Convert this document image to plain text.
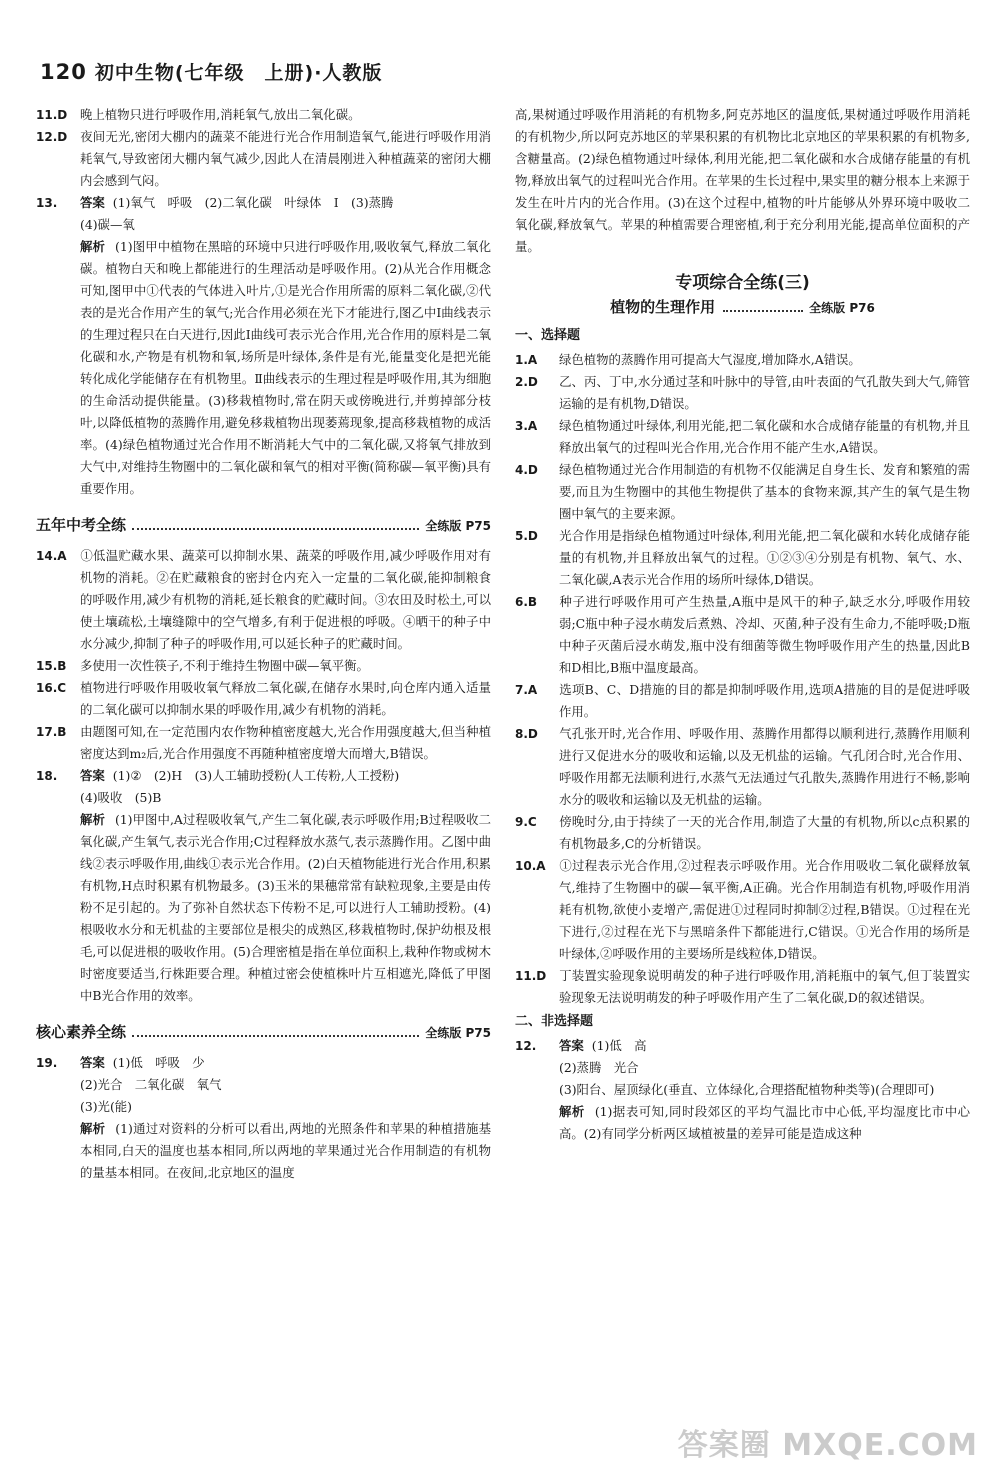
120 初中生物(七年级　上册)·人教版

11.D 晚上植物只进行呼吸作用,消耗氧气,放出二氧化碳。

12.D 夜间无光,密闭大棚内的蔬菜不能进行光合作用制造氧气,能进行呼吸作用消耗氧气,导致密闭大棚内氧气减少,因此人在清晨刚进入种植蔬菜的密闭大棚内会感到气闷。

13. 答案 (1)氧气　呼吸　(2)二氧化碳　叶绿体　Ⅰ　(3)蒸腾

(4)碳—氧

解析 (1)图甲中植物在黑暗的环境中只进行呼吸作用,吸收氧气,释放二氧化碳。植物白天和晚上都能进行的生理活动是呼吸作用。(2)从光合作用概念可知,图甲中①代表的气体进入叶片,①是光合作用所需的原料二氧化碳,②代表的是光合作用产生的氧气;光合作用必须在光下才能进行,图乙中Ⅰ曲线表示的生理过程只在白天进行,因此Ⅰ曲线可表示光合作用,光合作用的原料是二氧化碳和水,产物是有机物和氧,场所是叶绿体,条件是有光,能量变化是把光能转化成化学能储存在有机物里。Ⅱ曲线表示的生理过程是呼吸作用,其为细胞的生命活动提供能量。(3)移栽植物时,常在阴天或傍晚进行,并剪掉部分枝叶,以降低植物的蒸腾作用,避免移栽植物出现萎蔫现象,提高移栽植物的成活率。(4)绿色植物通过光合作用不断消耗大气中的二氧化碳,又将氧气排放到大气中,对维持生物圈中的二氧化碳和氧气的相对平衡(简称碳—氧平衡)具有重要作用。

五年中考全练	全练版 P75

14.A ①低温贮藏水果、蔬菜可以抑制水果、蔬菜的呼吸作用,减少呼吸作用对有机物的消耗。②在贮藏粮食的密封仓内充入一定量的二氧化碳,能抑制粮食的呼吸作用,减少有机物的消耗,延长粮食的贮藏时间。③农田及时松土,可以使土壤疏松,土壤缝隙中的空气增多,有利于促进根的呼吸。④晒干的种子中水分减少,抑制了种子的呼吸作用,可以延长种子的贮藏时间。

15.B 多使用一次性筷子,不利于维持生物圈中碳—氧平衡。

16.C 植物进行呼吸作用吸收氧气释放二氧化碳,在储存水果时,向仓库内通入适量的二氧化碳可以抑制水果的呼吸作用,减少有机物的消耗。

17.B 由题图可知,在一定范围内农作物种植密度越大,光合作用强度越大,但当种植密度达到m₂后,光合作用强度不再随种植密度增大而增大,B错误。

18. 答案 (1)②　(2)H　(3)人工辅助授粉(人工传粉,人工授粉)

(4)吸收　(5)B

解析 (1)甲图中,A过程吸收氧气,产生二氧化碳,表示呼吸作用;B过程吸收二氧化碳,产生氧气,表示光合作用;C过程释放水蒸气,表示蒸腾作用。乙图中曲线②表示呼吸作用,曲线①表示光合作用。(2)白天植物能进行光合作用,积累有机物,H点时积累有机物最多。(3)玉米的果穗常常有缺粒现象,主要是由传粉不足引起的。为了弥补自然状态下传粉不足,可以进行人工辅助授粉。(4)根吸收水分和无机盐的主要部位是根尖的成熟区,移栽植物时,保护幼根及根毛,可以促进根的吸收作用。(5)合理密植是指在单位面积上,栽种作物或树木时密度要适当,行株距要合理。种植过密会使植株叶片互相遮光,降低了甲图中B光合作用的效率。

核心素养全练	全练版 P75

19. 答案 (1)低　呼吸　少

(2)光合　二氧化碳　氧气

(3)光(能)

解析 (1)通过对资料的分析可以看出,两地的光照条件和苹果的种植措施基本相同,白天的温度也基本相同,所以两地的苹果通过光合作用制造的有机物的量基本相同。在夜间,北京地区的温度

高,果树通过呼吸作用消耗的有机物多,阿克苏地区的温度低,果树通过呼吸作用消耗的有机物少,所以阿克苏地区的苹果积累的有机物比北京地区的苹果积累的有机物多,含糖量高。(2)绿色植物通过叶绿体,利用光能,把二氧化碳和水合成储存能量的有机物,释放出氧气的过程叫光合作用。在苹果的生长过程中,果实里的糖分根本上来源于发生在叶片内的光合作用。(3)在这个过程中,植物的叶片能够从外界环境中吸收二氧化碳,释放氧气。苹果的种植需要合理密植,利于充分利用光能,提高单位面积的产量。

专项综合全练(三)
植物的生理作用	全练版 P76
一、选择题

1.A 绿色植物的蒸腾作用可提高大气湿度,增加降水,A错误。

2.D 乙、丙、丁中,水分通过茎和叶脉中的导管,由叶表面的气孔散失到大气,筛管运输的是有机物,D错误。

3.A 绿色植物通过叶绿体,利用光能,把二氧化碳和水合成储存能量的有机物,并且释放出氧气的过程叫光合作用,光合作用不能产生水,A错误。

4.D 绿色植物通过光合作用制造的有机物不仅能满足自身生长、发育和繁殖的需要,而且为生物圈中的其他生物提供了基本的食物来源,其产生的氧气是生物圈中氧气的主要来源。

5.D 光合作用是指绿色植物通过叶绿体,利用光能,把二氧化碳和水转化成储存能量的有机物,并且释放出氧气的过程。①②③④分别是有机物、氧气、水、二氧化碳,A表示光合作用的场所叶绿体,D错误。

6.B 种子进行呼吸作用可产生热量,A瓶中是风干的种子,缺乏水分,呼吸作用较弱;C瓶中种子浸水萌发后煮熟、冷却、灭菌,种子没有生命力,不能呼吸;D瓶中种子灭菌后浸水萌发,瓶中没有细菌等微生物呼吸作用产生的热量,因此B和D相比,B瓶中温度最高。

7.A 选项B、C、D措施的目的都是抑制呼吸作用,选项A措施的目的是促进呼吸作用。

8.D 气孔张开时,光合作用、呼吸作用、蒸腾作用都得以顺利进行,蒸腾作用顺利进行又促进水分的吸收和运输,以及无机盐的运输。气孔闭合时,光合作用、呼吸作用都无法顺利进行,水蒸气无法通过气孔散失,蒸腾作用进行不畅,影响水分的吸收和运输以及无机盐的运输。

9.C 傍晚时分,由于持续了一天的光合作用,制造了大量的有机物,所以c点积累的有机物最多,C的分析错误。

10.A ①过程表示光合作用,②过程表示呼吸作用。光合作用吸收二氧化碳释放氧气,维持了生物圈中的碳—氧平衡,A正确。光合作用制造有机物,呼吸作用消耗有机物,欲使小麦增产,需促进①过程同时抑制②过程,B错误。①过程在光下进行,②过程在光下与黑暗条件下都能进行,C错误。①光合作用的场所是叶绿体,②呼吸作用的主要场所是线粒体,D错误。

11.D 丁装置实验现象说明萌发的种子进行呼吸作用,消耗瓶中的氧气,但丁装置实验现象无法说明萌发的种子呼吸作用产生了二氧化碳,D的叙述错误。

二、非选择题

12. 答案 (1)低　高

(2)蒸腾　光合

(3)阳台、屋顶绿化(垂直、立体绿化,合理搭配植物种类等)(合理即可)

解析 (1)据表可知,同时段郊区的平均气温比市中心低,平均湿度比市中心高。(2)有同学分析两区域植被量的差异可能是造成这种

答案圈 MXQE.COM
